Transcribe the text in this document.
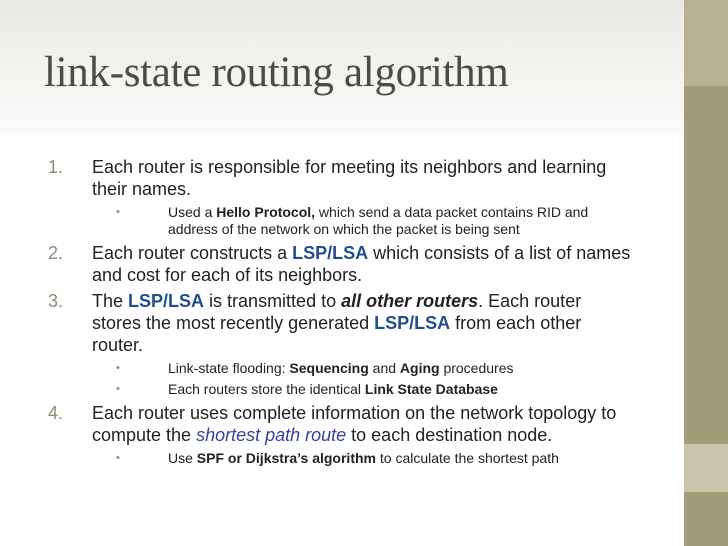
link-state routing algorithm
1. Each router is responsible for meeting its neighbors and learning their names.
•	Used a Hello Protocol, which send a data packet contains RID and address of the network on which the packet is being sent
2. Each router constructs a LSP/LSA which consists of a list of names and cost for each of its neighbors.
3. The LSP/LSA is transmitted to all other routers. Each router stores the most recently generated LSP/LSA from each other router.
•	Link-state flooding: Sequencing and Aging procedures
•	Each routers store the identical Link State Database
4. Each router uses complete information on the network topology to compute the shortest path route to each destination node.
•	Use SPF or Dijkstra’s algorithm to calculate the shortest path
